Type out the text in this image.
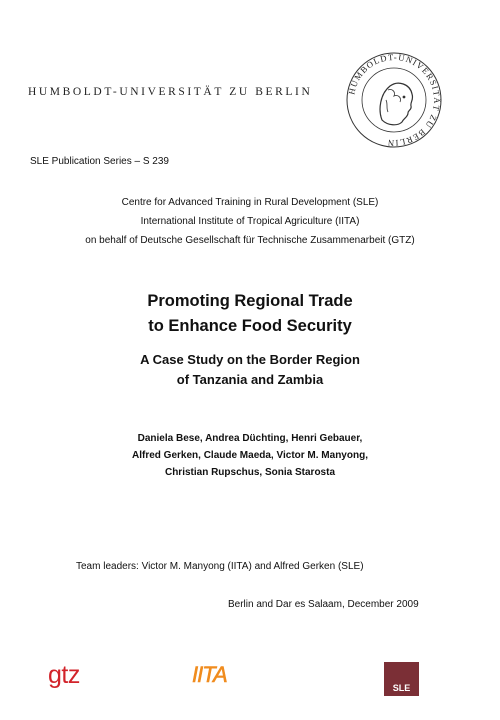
HUMBOLDT-UNIVERSITÄT ZU BERLIN	HUMBOLDT-UNIVERSITÄT ZU BERLIN
SLE Publication Series – S 239
Centre for Advanced Training in Rural Development (SLE)
International Institute of Tropical Agriculture (IITA)
on behalf of Deutsche Gesellschaft für Technische Zusammenarbeit (GTZ)
Promoting Regional Trade
to Enhance Food Security
A Case Study on the Border Region
of Tanzania and Zambia
Daniela Bese, Andrea Düchting, Henri Gebauer,
Alfred Gerken, Claude Maeda, Victor M. Manyong,
Christian Rupschus, Sonia Starosta
Team leaders: Victor M. Manyong (IITA) and Alfred Gerken (SLE)
Berlin and Dar es Salaam, December 2009
gtz	IITA
SLE
